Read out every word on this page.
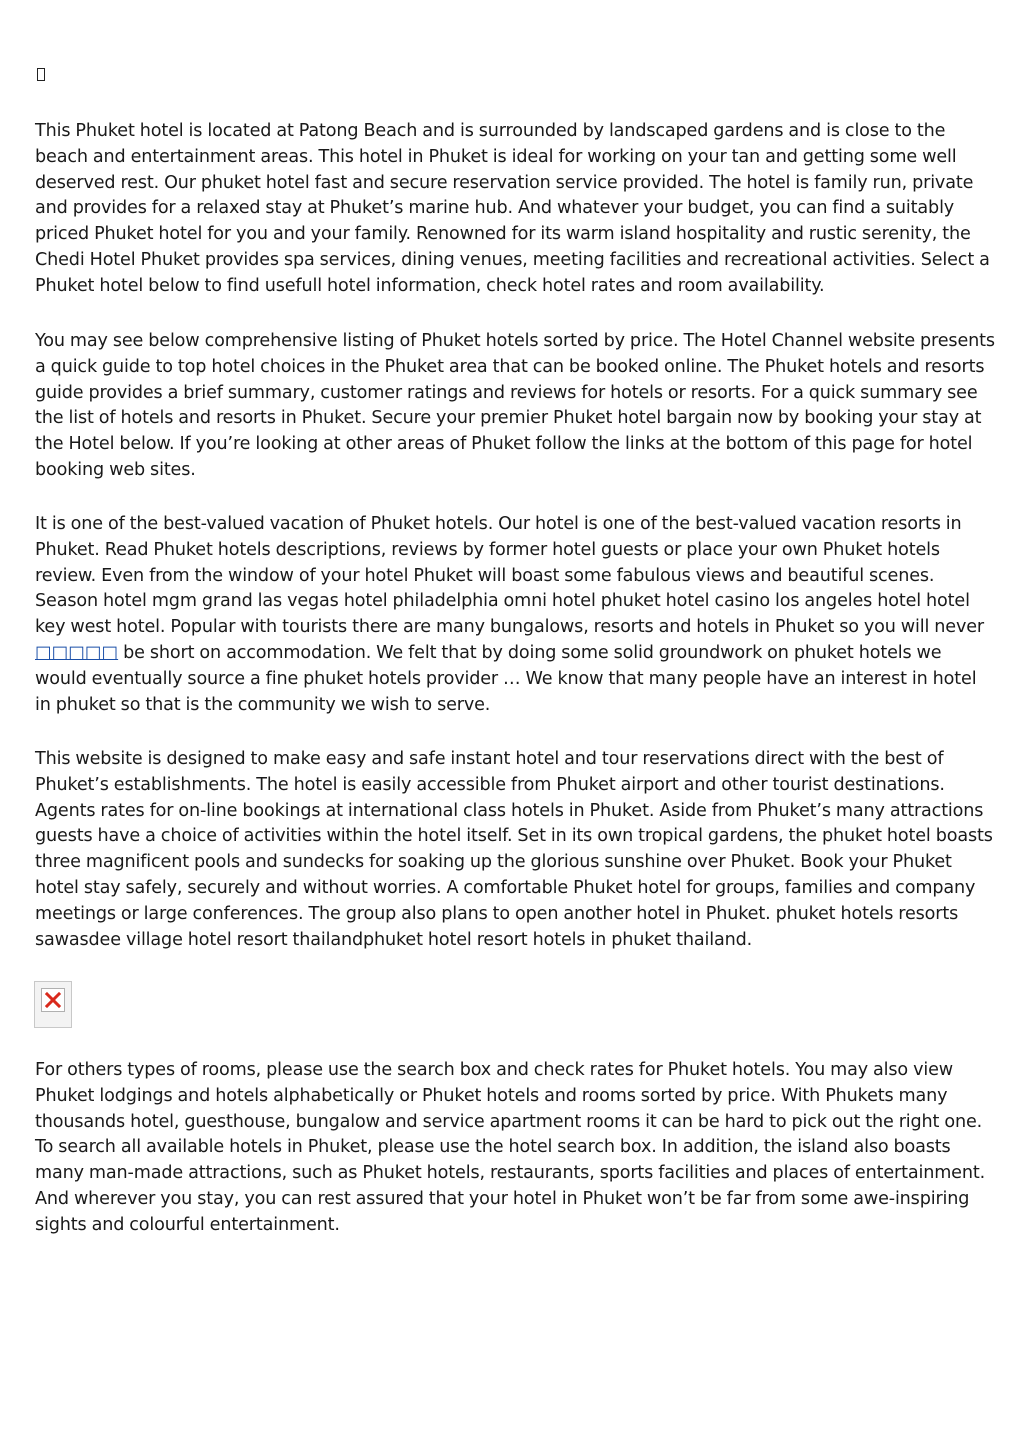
This Phuket hotel is located at Patong Beach and is surrounded by landscaped gardens and is close to the beach and entertainment areas. This hotel in Phuket is ideal for working on your tan and getting some well deserved rest. Our phuket hotel fast and secure reservation service provided. The hotel is family run, private and provides for a relaxed stay at Phuket’s marine hub. And whatever your budget, you can find a suitably priced Phuket hotel for you and your family. Renowned for its warm island hospitality and rustic serenity, the Chedi Hotel Phuket provides spa services, dining venues, meeting facilities and recreational activities. Select a Phuket hotel below to find usefull hotel information, check hotel rates and room availability.

You may see below comprehensive listing of Phuket hotels sorted by price. The Hotel Channel website presents a quick guide to top hotel choices in the Phuket area that can be booked online. The Phuket hotels and resorts guide provides a brief summary, customer ratings and reviews for hotels or resorts. For a quick summary see the list of hotels and resorts in Phuket. Secure your premier Phuket hotel bargain now by booking your stay at the Hotel below. If you’re looking at other areas of Phuket follow the links at the bottom of this page for hotel booking web sites.

It is one of the best-valued vacation of Phuket hotels. Our hotel is one of the best-valued vacation resorts in Phuket. Read Phuket hotels descriptions, reviews by former hotel guests or place your own Phuket hotels review. Even from the window of your hotel Phuket will boast some fabulous views and beautiful scenes. Season hotel mgm grand las vegas hotel philadelphia omni hotel phuket hotel casino los angeles hotel hotel key west hotel. Popular with tourists there are many bungalows, resorts and hotels in Phuket so you will never □□□□□ be short on accommodation. We felt that by doing some solid groundwork on phuket hotels we would eventually source a fine phuket hotels provider … We know that many people have an interest in hotel in phuket so that is the community we wish to serve.

This website is designed to make easy and safe instant hotel and tour reservations direct with the best of Phuket’s establishments. The hotel is easily accessible from Phuket airport and other tourist destinations. Agents rates for on-line bookings at international class hotels in Phuket. Aside from Phuket’s many attractions guests have a choice of activities within the hotel itself. Set in its own tropical gardens, the phuket hotel boasts three magnificent pools and sundecks for soaking up the glorious sunshine over Phuket. Book your Phuket hotel stay safely, securely and without worries. A comfortable Phuket hotel for groups, families and company meetings or large conferences. The group also plans to open another hotel in Phuket. phuket hotels resorts sawasdee village hotel resort thailandphuket hotel resort hotels in phuket thailand.

For others types of rooms, please use the search box and check rates for Phuket hotels. You may also view Phuket lodgings and hotels alphabetically or Phuket hotels and rooms sorted by price. With Phukets many thousands hotel, guesthouse, bungalow and service apartment rooms it can be hard to pick out the right one. To search all available hotels in Phuket, please use the hotel search box. In addition, the island also boasts many man-made attractions, such as Phuket hotels, restaurants, sports facilities and places of entertainment. And wherever you stay, you can rest assured that your hotel in Phuket won’t be far from some awe-inspiring sights and colourful entertainment.
